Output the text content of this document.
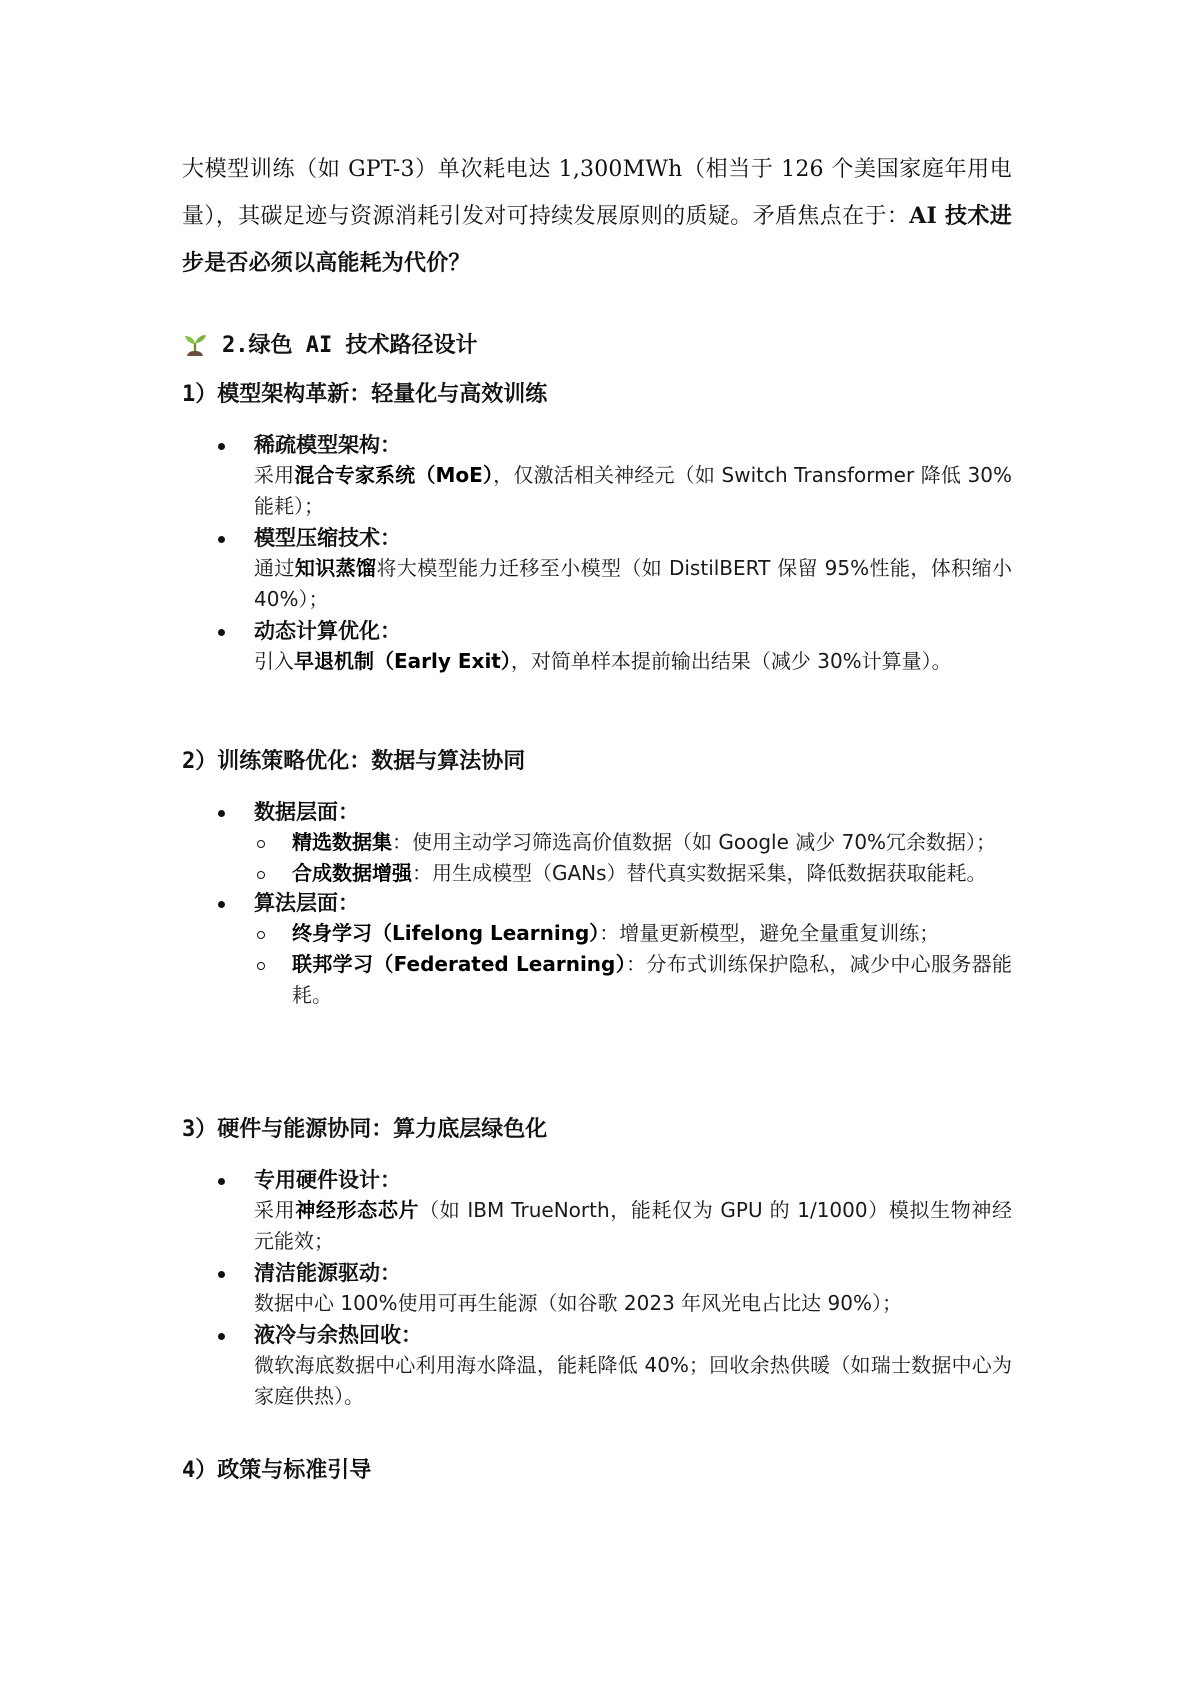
大模型训练（如 GPT-3）单次耗电达 1,300MWh（相当于 126 个美国家庭年用电量），其碳足迹与资源消耗引发对可持续发展原则的质疑。矛盾焦点在于：AI 技术进步是否必须以高能耗为代价？

2.绿色 AI 技术路径设计
1）模型架构革新：轻量化与高效训练
稀疏模型架构：
采用混合专家系统（MoE），仅激活相关神经元（如 Switch Transformer 降低 30%能耗）；
模型压缩技术：
通过知识蒸馏将大模型能力迁移至小模型（如 DistilBERT 保留 95%性能，体积缩小 40%）；
动态计算优化：
引入早退机制（Early Exit），对简单样本提前输出结果（减少 30%计算量）。
2）训练策略优化：数据与算法协同
数据层面：
精选数据集：使用主动学习筛选高价值数据（如 Google 减少 70%冗余数据）；
合成数据增强：用生成模型（GANs）替代真实数据采集，降低数据获取能耗。
算法层面：
终身学习（Lifelong Learning）：增量更新模型，避免全量重复训练；
联邦学习（Federated Learning）：分布式训练保护隐私，减少中心服务器能耗。
3）硬件与能源协同：算力底层绿色化
专用硬件设计：
采用神经形态芯片（如 IBM TrueNorth，能耗仅为 GPU 的 1/1000）模拟生物神经元能效；
清洁能源驱动：
数据中心 100%使用可再生能源（如谷歌 2023 年风光电占比达 90%）；
液冷与余热回收：
微软海底数据中心利用海水降温，能耗降低 40%；回收余热供暖（如瑞士数据中心为家庭供热）。
4）政策与标准引导
